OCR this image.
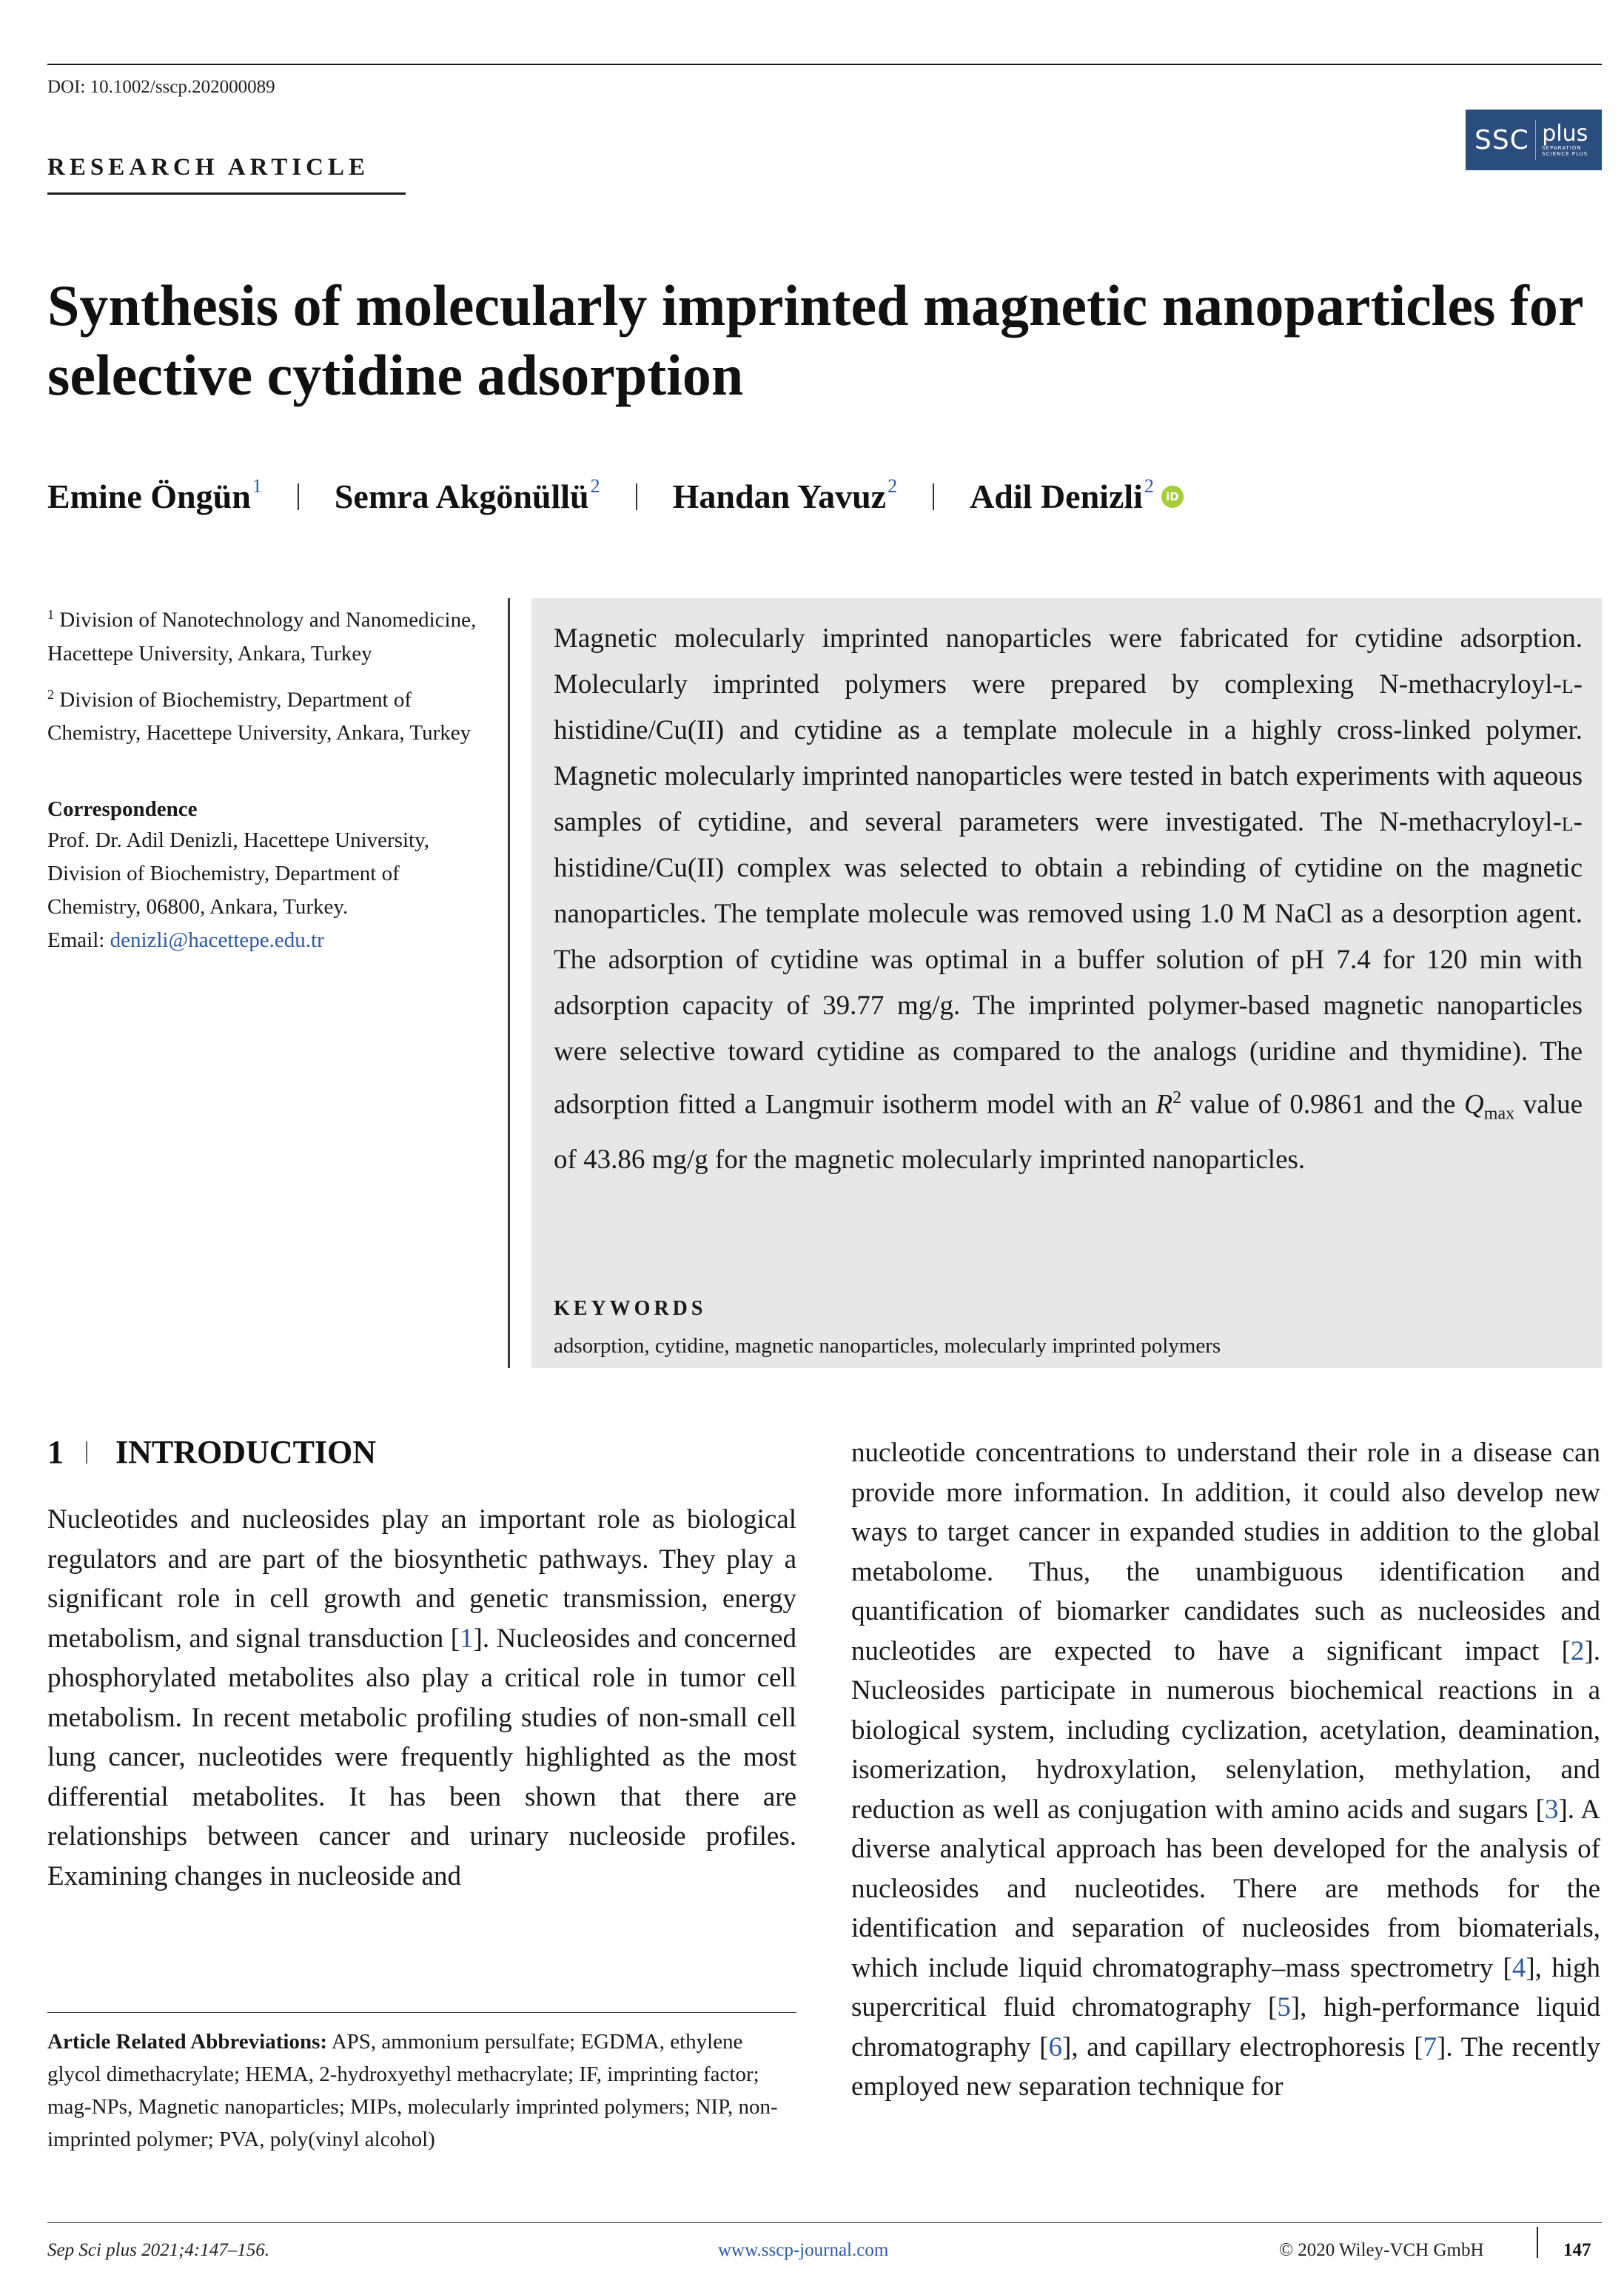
DOI: 10.1002/sscp.202000089
RESEARCH ARTICLE
SSC plus
SEPARATION SCIENCE PLUS
Synthesis of molecularly imprinted magnetic nanoparticles for selective cytidine adsorption
Emine Öngün$^1$ Semra Akgönüllü$^2$ Handan Yavuz$^2$ Adil Denizli$^2$	iD

$^1$ Division of Nanotechnology and Nanomedicine, Hacettepe University, Ankara, Turkey

$^2$ Division of Biochemistry, Department of Chemistry, Hacettepe University, Ankara, Turkey

Correspondence
Prof. Dr. Adil Denizli, Hacettepe University, Division of Biochemistry, Department of Chemistry, 06800, Ankara, Turkey.
Email: denizli@hacettepe.edu.tr
Magnetic molecularly imprinted nanoparticles were fabricated for cytidine adsorption. Molecularly imprinted polymers were prepared by complexing N-methacryloyl-l-histidine/Cu(II) and cytidine as a template molecule in a highly cross-linked polymer. Magnetic molecularly imprinted nanoparticles were tested in batch experiments with aqueous samples of cytidine, and several parameters were investigated. The N-methacryloyl-l-histidine/Cu(II) complex was selected to obtain a rebinding of cytidine on the magnetic nanoparticles. The template molecule was removed using 1.0 M NaCl as a desorption agent. The adsorption of cytidine was optimal in a buffer solution of pH 7.4 for 120 min with adsorption capacity of 39.77 mg/g. The imprinted polymer-based magnetic nanoparticles were selective toward cytidine as compared to the analogs (uridine and thymidine). The adsorption fitted a Langmuir isotherm model with an $R^2$ value of 0.9861 and the $Q_{max}$ value of 43.86 mg/g for the magnetic molecularly imprinted nanoparticles.
KEYWORDS
adsorption, cytidine, magnetic nanoparticles, molecularly imprinted polymers
1 INTRODUCTION
Nucleotides and nucleosides play an important role as biological regulators and are part of the biosynthetic pathways. They play a significant role in cell growth and genetic transmission, energy metabolism, and signal transduction [1]. Nucleosides and concerned phosphorylated metabolites also play a critical role in tumor cell metabolism. In recent metabolic profiling studies of non-small cell lung cancer, nucleotides were frequently highlighted as the most differential metabolites. It has been shown that there are relationships between cancer and urinary nucleoside profiles. Examining changes in nucleoside and
nucleotide concentrations to understand their role in a disease can provide more information. In addition, it could also develop new ways to target cancer in expanded studies in addition to the global metabolome. Thus, the unambiguous identification and quantification of biomarker candidates such as nucleosides and nucleotides are expected to have a significant impact [2]. Nucleosides participate in numerous biochemical reactions in a biological system, including cyclization, acetylation, deamination, isomerization, hydroxylation, selenylation, methylation, and reduction as well as conjugation with amino acids and sugars [3]. A diverse analytical approach has been developed for the analysis of nucleosides and nucleotides. There are methods for the identification and separation of nucleosides from biomaterials, which include liquid chromatography–mass spectrometry [4], high supercritical fluid chromatography [5], high-performance liquid chromatography [6], and capillary electrophoresis [7]. The recently employed new separation technique for
Article Related Abbreviations: APS, ammonium persulfate; EGDMA, ethylene glycol dimethacrylate; HEMA, 2-hydroxyethyl methacrylate; IF, imprinting factor; mag-NPs, Magnetic nanoparticles; MIPs, molecularly imprinted polymers; NIP, non-imprinted polymer; PVA, poly(vinyl alcohol)
Sep Sci plus 2021;4:147–156.	www.sscp-journal.com	© 2020 Wiley-VCH GmbH	147
